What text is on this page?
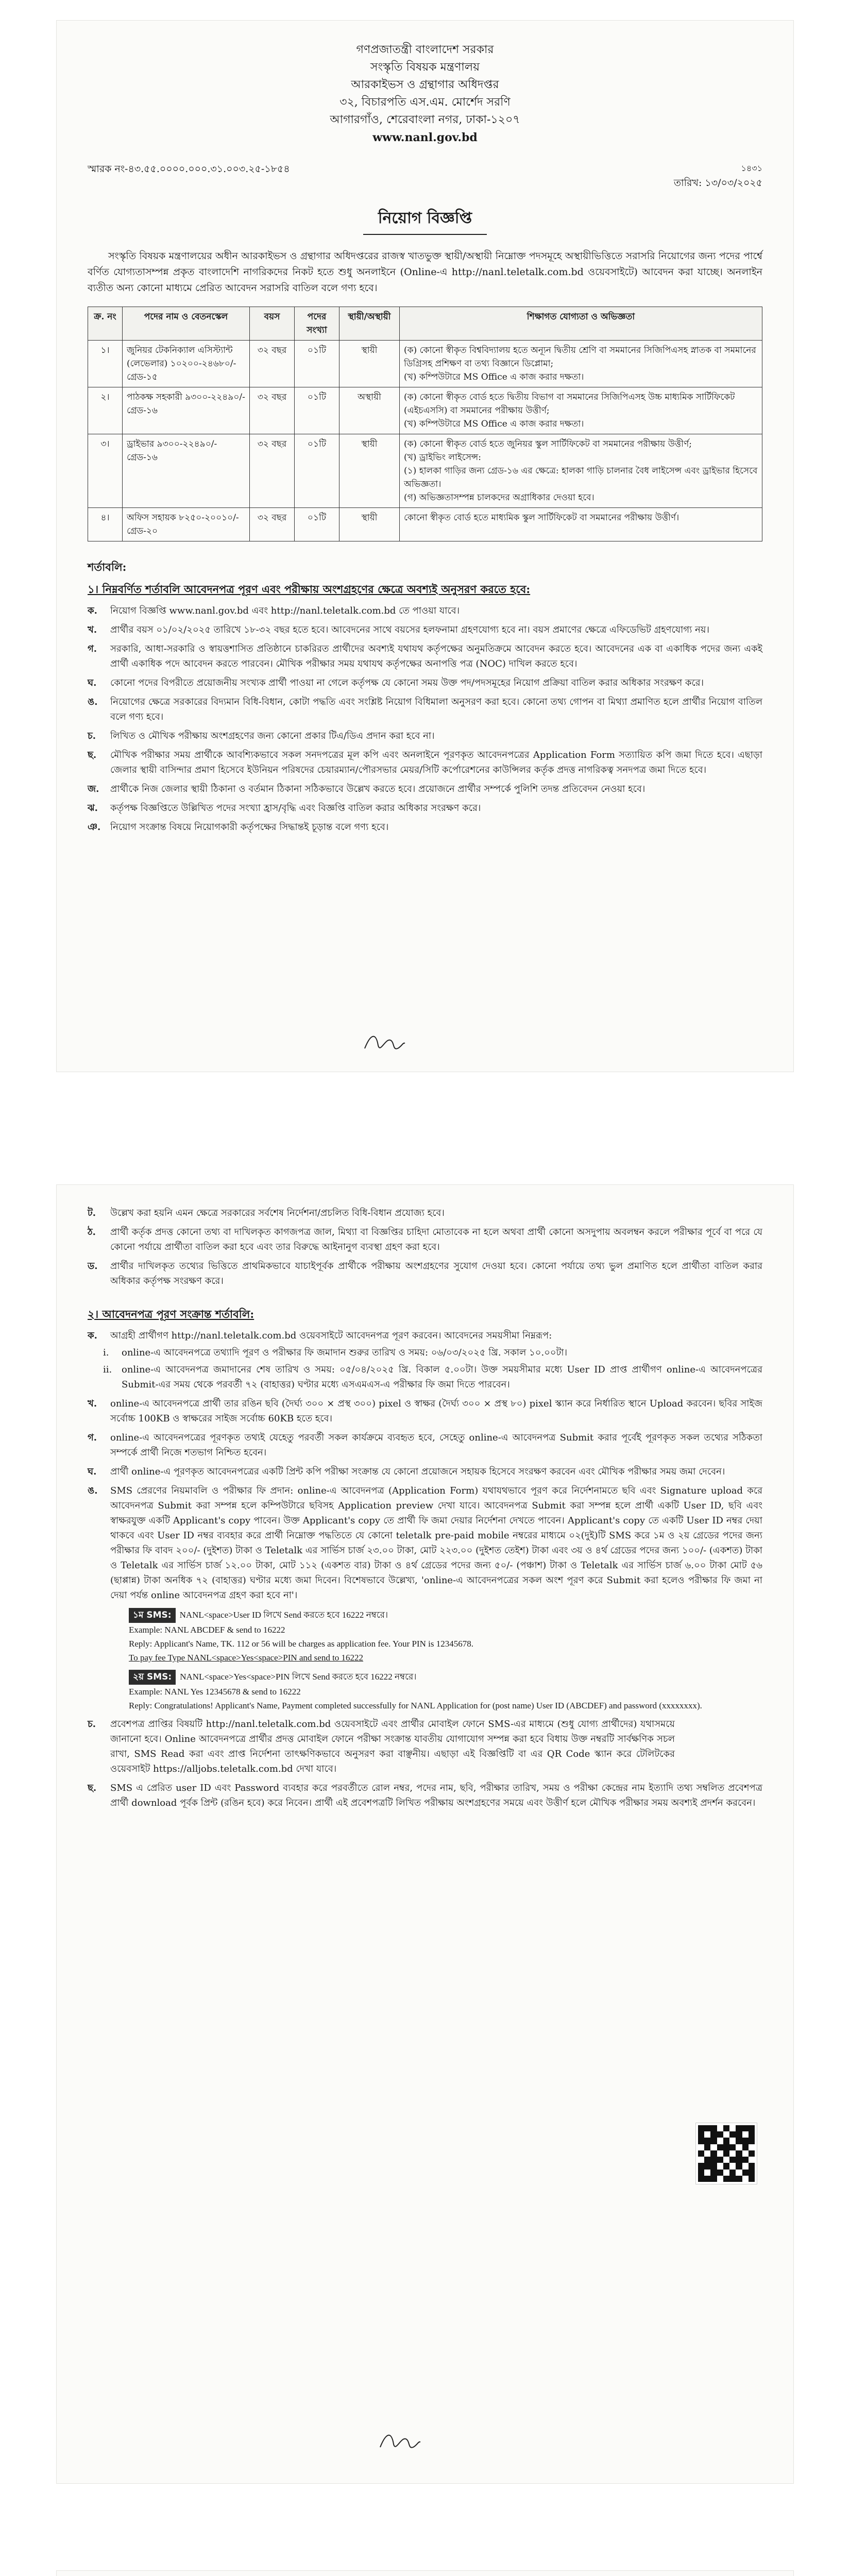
গণপ্রজাতন্ত্রী বাংলাদেশ সরকার
সংস্কৃতি বিষয়ক মন্ত্রণালয়
আরকাইভস ও গ্রন্থাগার অধিদপ্তর
৩২, বিচারপতি এস.এম. মোর্শেদ সরণি
আগারগাঁও, শেরেবাংলা নগর, ঢাকা-১২০৭
www.nanl.gov.bd
স্মারক নং-৪৩.৫৫.০০০০.০০০.৩১.০০৩.২৫-১৮৫৪	১৪৩১
তারিখ: ১৩/০৩/২০২৫
নিয়োগ বিজ্ঞপ্তি
সংস্কৃতি বিষয়ক মন্ত্রণালয়ের অধীন আরকাইভস ও গ্রন্থাগার অধিদপ্তরের রাজস্ব খাতভুক্ত স্থায়ী/অস্থায়ী নিম্নোক্ত পদসমূহে অস্থায়ীভিত্তিতে সরাসরি নিয়োগের জন্য পদের পার্শ্বে বর্ণিত যোগ্যতাসম্পন্ন প্রকৃত বাংলাদেশি নাগরিকদের নিকট হতে শুধু অনলাইনে (Online-এ http://nanl.teletalk.com.bd ওয়েবসাইটে) আবেদন করা যাচ্ছে। অনলাইন ব্যতীত অন্য কোনো মাধ্যমে প্রেরিত আবেদন সরাসরি বাতিল বলে গণ্য হবে।
ক্র. নং	পদের নাম ও বেতনস্কেল	বয়স	পদের সংখ্যা	স্থায়ী/অস্থায়ী	শিক্ষাগত যোগ্যতা ও অভিজ্ঞতা
১।	জুনিয়র টেকনিক্যাল এসিস্ট্যান্ট (লেভেলার) ১০২০০-২৪৬৮০/- গ্রেড-১৫	৩২ বছর	০১টি	স্থায়ী	(ক) কোনো স্বীকৃত বিশ্ববিদ্যালয় হতে অন্যূন দ্বিতীয় শ্রেণি বা সমমানের সিজিপিএসহ স্নাতক বা সমমানের ডিগ্রিসহ প্রশিক্ষণ বা তথ্য বিজ্ঞানে ডিপ্লোমা;
(খ) কম্পিউটারে MS Office এ কাজ করার দক্ষতা।

২।	পাঠকক্ষ সহকারী ৯৩০০-২২৪৯০/- গ্রেড-১৬	৩২ বছর	০১টি	অস্থায়ী	(ক) কোনো স্বীকৃত বোর্ড হতে দ্বিতীয় বিভাগ বা সমমানের সিজিপিএসহ উচ্চ মাধ্যমিক সার্টিফিকেট (এইচএসসি) বা সমমানের পরীক্ষায় উত্তীর্ণ;
(খ) কম্পিউটারে MS Office এ কাজ করার দক্ষতা।

৩।	ড্রাইভার ৯৩০০-২২৪৯০/- গ্রেড-১৬	৩২ বছর	০১টি	স্থায়ী	(ক) কোনো স্বীকৃত বোর্ড হতে জুনিয়র স্কুল সার্টিফিকেট বা সমমানের পরীক্ষায় উত্তীর্ণ;
(খ) ড্রাইভিং লাইসেন্স:
(১) হালকা গাড়ির জন্য গ্রেড-১৬ এর ক্ষেত্রে: হালকা গাড়ি চালনার বৈধ লাইসেন্স এবং ড্রাইভার হিসেবে অভিজ্ঞতা।
(গ) অভিজ্ঞতাসম্পন্ন চালকদের অগ্রাধিকার দেওয়া হবে।

৪।	অফিস সহায়ক ৮২৫০-২০০১০/- গ্রেড-২০	৩২ বছর	০১টি	স্থায়ী	কোনো স্বীকৃত বোর্ড হতে মাধ্যমিক স্কুল সার্টিফিকেট বা সমমানের পরীক্ষায় উত্তীর্ণ।
শর্তাবলি:
১। নিম্নবর্ণিত শর্তাবলি আবেদনপত্র পূরণ এবং পরীক্ষায় অংশগ্রহণের ক্ষেত্রে অবশ্যই অনুসরণ করতে হবে:
ক.	নিয়োগ বিজ্ঞপ্তি www.nanl.gov.bd এবং http://nanl.teletalk.com.bd তে পাওয়া যাবে।
খ.	প্রার্থীর বয়স ০১/০২/২০২৫ তারিখে ১৮-৩২ বছর হতে হবে। আবেদনের সাথে বয়সের হলফনামা গ্রহণযোগ্য হবে না। বয়স প্রমাণের ক্ষেত্রে এফিডেভিট গ্রহণযোগ্য নয়।
গ.	সরকারি, আধা-সরকারি ও স্বায়ত্তশাসিত প্রতিষ্ঠানে চাকরিরত প্রার্থীদের অবশ্যই যথাযথ কর্তৃপক্ষের অনুমতিক্রমে আবেদন করতে হবে। আবেদনের এক বা একাধিক পদের জন্য একই প্রার্থী একাধিক পদে আবেদন করতে পারবেন। মৌখিক পরীক্ষার সময় যথাযথ কর্তৃপক্ষের অনাপত্তি পত্র (NOC) দাখিল করতে হবে।
ঘ.	কোনো পদের বিপরীতে প্রয়োজনীয় সংখ্যক প্রার্থী পাওয়া না গেলে কর্তৃপক্ষ যে কোনো সময় উক্ত পদ/পদসমূহের নিয়োগ প্রক্রিয়া বাতিল করার অধিকার সংরক্ষণ করে।
ঙ.	নিয়োগের ক্ষেত্রে সরকারের বিদ্যমান বিধি-বিধান, কোটা পদ্ধতি এবং সংশ্লিষ্ট নিয়োগ বিধিমালা অনুসরণ করা হবে। কোনো তথ্য গোপন বা মিথ্যা প্রমাণিত হলে প্রার্থীর নিয়োগ বাতিল বলে গণ্য হবে।
চ.	লিখিত ও মৌখিক পরীক্ষায় অংশগ্রহণের জন্য কোনো প্রকার টিএ/ডিএ প্রদান করা হবে না।
ছ.	মৌখিক পরীক্ষার সময় প্রার্থীকে আবশ্যিকভাবে সকল সনদপত্রের মূল কপি এবং অনলাইনে পূরণকৃত আবেদনপত্রের Application Form সত্যায়িত কপি জমা দিতে হবে। এছাড়া জেলার স্থায়ী বাসিন্দার প্রমাণ হিসেবে ইউনিয়ন পরিষদের চেয়ারম্যান/পৌরসভার মেয়র/সিটি কর্পোরেশনের কাউন্সিলর কর্তৃক প্রদত্ত নাগরিকত্ব সনদপত্র জমা দিতে হবে।
জ.	প্রার্থীকে নিজ জেলার স্থায়ী ঠিকানা ও বর্তমান ঠিকানা সঠিকভাবে উল্লেখ করতে হবে। প্রয়োজনে প্রার্থীর সম্পর্কে পুলিশি তদন্ত প্রতিবেদন নেওয়া হবে।
ঝ.	কর্তৃপক্ষ বিজ্ঞপ্তিতে উল্লিখিত পদের সংখ্যা হ্রাস/বৃদ্ধি এবং বিজ্ঞপ্তি বাতিল করার অধিকার সংরক্ষণ করে।
ঞ.	নিয়োগ সংক্রান্ত বিষয়ে নিয়োগকারী কর্তৃপক্ষের সিদ্ধান্তই চূড়ান্ত বলে গণ্য হবে।
ট.	উল্লেখ করা হয়নি এমন ক্ষেত্রে সরকারের সর্বশেষ নির্দেশনা/প্রচলিত বিধি-বিধান প্রযোজ্য হবে।
ঠ.	প্রার্থী কর্তৃক প্রদত্ত কোনো তথ্য বা দাখিলকৃত কাগজপত্র জাল, মিথ্যা বা বিজ্ঞপ্তির চাহিদা মোতাবেক না হলে অথবা প্রার্থী কোনো অসদুপায় অবলম্বন করলে পরীক্ষার পূর্বে বা পরে যে কোনো পর্যায়ে প্রার্থীতা বাতিল করা হবে এবং তার বিরুদ্ধে আইনানুগ ব্যবস্থা গ্রহণ করা হবে।
ড.	প্রার্থীর দাখিলকৃত তথ্যের ভিত্তিতে প্রাথমিকভাবে যাচাইপূর্বক প্রার্থীকে পরীক্ষায় অংশগ্রহণের সুযোগ দেওয়া হবে। কোনো পর্যায়ে তথ্য ভুল প্রমাণিত হলে প্রার্থীতা বাতিল করার অধিকার কর্তৃপক্ষ সংরক্ষণ করে।
২। আবেদনপত্র পূরণ সংক্রান্ত শর্তাবলি:
ক.	আগ্রহী প্রার্থীগণ http://nanl.teletalk.com.bd ওয়েবসাইটে আবেদনপত্র পূরণ করবেন। আবেদনের সময়সীমা নিম্নরূপ:
i.	online-এ আবেদনপত্রে তথ্যাদি পূরণ ও পরীক্ষার ফি জমাদান শুরুর তারিখ ও সময়: ০৬/০৩/২০২৫ খ্রি. সকাল ১০.০০টা।
ii.	online-এ আবেদনপত্র জমাদানের শেষ তারিখ ও সময়: ০৫/০৪/২০২৫ খ্রি. বিকাল ৫.০০টা। উক্ত সময়সীমার মধ্যে User ID প্রাপ্ত প্রার্থীগণ online-এ আবেদনপত্রের Submit-এর সময় থেকে পরবর্তী ৭২ (বাহাত্তর) ঘণ্টার মধ্যে এসএমএস-এ পরীক্ষার ফি জমা দিতে পারবেন।
খ.	online-এ আবেদনপত্রে প্রার্থী তার রঙিন ছবি (দৈর্ঘ্য ৩০০ × প্রস্থ ৩০০) pixel ও স্বাক্ষর (দৈর্ঘ্য ৩০০ × প্রস্থ ৮০) pixel স্ক্যান করে নির্ধারিত স্থানে Upload করবেন। ছবির সাইজ সর্বোচ্চ 100KB ও স্বাক্ষরের সাইজ সর্বোচ্চ 60KB হতে হবে।
গ.	online-এ আবেদনপত্রের পূরণকৃত তথ্যই যেহেতু পরবর্তী সকল কার্যক্রমে ব্যবহৃত হবে, সেহেতু online-এ আবেদনপত্র Submit করার পূর্বেই পূরণকৃত সকল তথ্যের সঠিকতা সম্পর্কে প্রার্থী নিজে শতভাগ নিশ্চিত হবেন।
ঘ.	প্রার্থী online-এ পূরণকৃত আবেদনপত্রের একটি প্রিন্ট কপি পরীক্ষা সংক্রান্ত যে কোনো প্রয়োজনে সহায়ক হিসেবে সংরক্ষণ করবেন এবং মৌখিক পরীক্ষার সময় জমা দেবেন।
ঙ.	SMS প্রেরণের নিয়মাবলি ও পরীক্ষার ফি প্রদান: online-এ আবেদনপত্র (Application Form) যথাযথভাবে পূরণ করে নির্দেশনামতে ছবি এবং Signature upload করে আবেদনপত্র Submit করা সম্পন্ন হলে কম্পিউটারে ছবিসহ Application preview দেখা যাবে। আবেদনপত্র Submit করা সম্পন্ন হলে প্রার্থী একটি User ID, ছবি এবং স্বাক্ষরযুক্ত একটি Applicant's copy পাবেন। উক্ত Applicant's copy তে প্রার্থী ফি জমা দেয়ার নির্দেশনা দেখতে পাবেন। Applicant's copy তে একটি User ID নম্বর দেয়া থাকবে এবং User ID নম্বর ব্যবহার করে প্রার্থী নিম্নোক্ত পদ্ধতিতে যে কোনো teletalk pre-paid mobile নম্বরের মাধ্যমে ০২(দুই)টি SMS করে ১ম ও ২য় গ্রেডের পদের জন্য পরীক্ষার ফি বাবদ ২০০/- (দুইশত) টাকা ও Teletalk এর সার্ভিস চার্জ ২৩.০০ টাকা, মোট ২২৩.০০ (দুইশত তেইশ) টাকা এবং ৩য় ও ৪র্থ গ্রেডের পদের জন্য ১০০/- (একশত) টাকা ও Teletalk এর সার্ভিস চার্জ ১২.০০ টাকা, মোট ১১২ (একশত বার) টাকা ও ৪র্থ গ্রেডের পদের জন্য ৫০/- (পঞ্চাশ) টাকা ও Teletalk এর সার্ভিস চার্জ ৬.০০ টাকা মোট ৫৬ (ছাপ্পান্ন) টাকা অনধিক ৭২ (বাহাত্তর) ঘণ্টার মধ্যে জমা দিবেন। বিশেষভাবে উল্লেখ্য, 'online-এ আবেদনপত্রের সকল অংশ পূরণ করে Submit করা হলেও পরীক্ষার ফি জমা না দেয়া পর্যন্ত online আবেদনপত্র গ্রহণ করা হবে না'।
১ম SMS: NANL<space>User ID লিখে Send করতে হবে 16222 নম্বরে।
Example: NANL ABCDEF & send to 16222
Reply: Applicant's Name, TK. 112 or 56 will be charges as application fee. Your PIN is 12345678.
To pay fee Type NANL<space>Yes<space>PIN and send to 16222
২য় SMS: NANL<space>Yes<space>PIN লিখে Send করতে হবে 16222 নম্বরে।
Example: NANL Yes 12345678 & send to 16222
Reply: Congratulations! Applicant's Name, Payment completed successfully for NANL Application for (post name) User ID (ABCDEF) and password (xxxxxxxx).
চ.	প্রবেশপত্র প্রাপ্তির বিষয়টি http://nanl.teletalk.com.bd ওয়েবসাইটে এবং প্রার্থীর মোবাইল ফোনে SMS-এর মাধ্যমে (শুধু যোগ্য প্রার্থীদের) যথাসময়ে জানানো হবে। Online আবেদনপত্রে প্রার্থীর প্রদত্ত মোবাইল ফোনে পরীক্ষা সংক্রান্ত যাবতীয় যোগাযোগ সম্পন্ন করা হবে বিধায় উক্ত নম্বরটি সার্বক্ষণিক সচল রাখা, SMS Read করা এবং প্রাপ্ত নির্দেশনা তাৎক্ষণিকভাবে অনুসরণ করা বাঞ্ছনীয়। এছাড়া এই বিজ্ঞপ্তিটি বা এর QR Code স্ক্যান করে টেলিটকের ওয়েবসাইট https://alljobs.teletalk.com.bd দেখা যাবে।
ছ.	SMS এ প্রেরিত user ID এবং Password ব্যবহার করে পরবর্তীতে রোল নম্বর, পদের নাম, ছবি, পরীক্ষার তারিখ, সময় ও পরীক্ষা কেন্দ্রের নাম ইত্যাদি তথ্য সম্বলিত প্রবেশপত্র প্রার্থী download পূর্বক প্রিন্ট (রঙিন হবে) করে নিবেন। প্রার্থী এই প্রবেশপত্রটি লিখিত পরীক্ষায় অংশগ্রহণের সময়ে এবং উত্তীর্ণ হলে মৌখিক পরীক্ষার সময় অবশ্যই প্রদর্শন করবেন।
